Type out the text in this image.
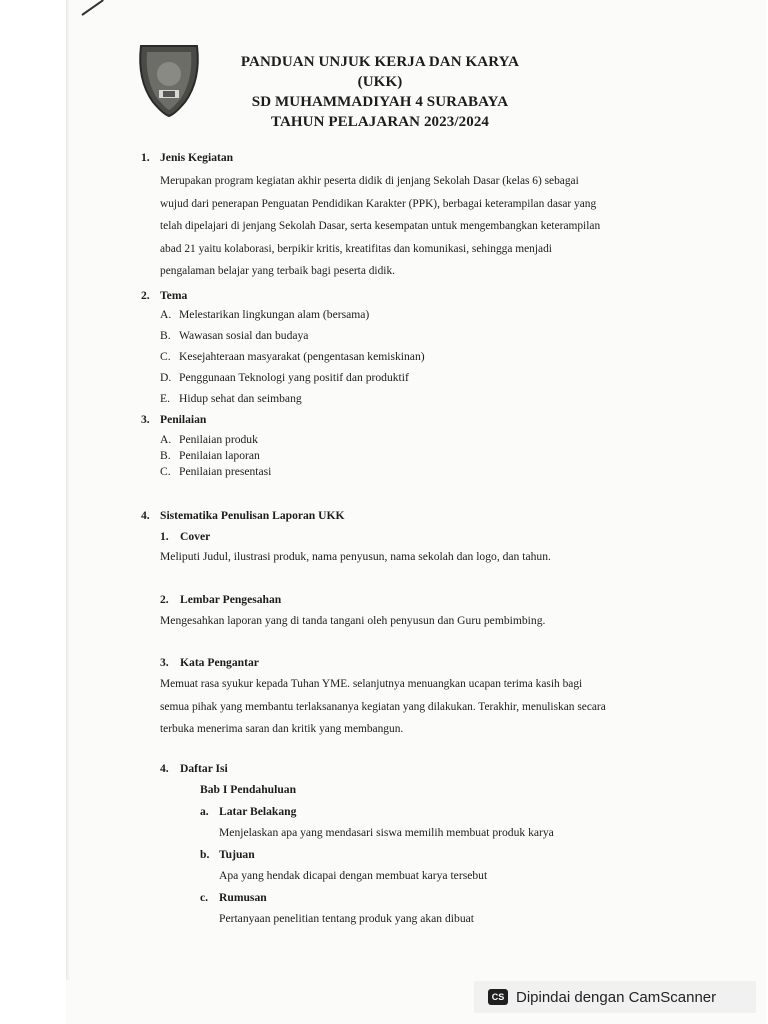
PANDUAN UNJUK KERJA DAN KARYA (UKK)
SD MUHAMMADIYAH 4 SURABAYA
TAHUN PELAJARAN 2023/2024
1. Jenis Kegiatan
Merupakan program kegiatan akhir peserta didik di jenjang Sekolah Dasar (kelas 6) sebagai
wujud dari penerapan Penguatan Pendidikan Karakter (PPK), berbagai keterampilan dasar yang
telah dipelajari di jenjang Sekolah Dasar, serta kesempatan untuk mengembangkan keterampilan
abad 21 yaitu kolaborasi, berpikir kritis, kreatifitas dan komunikasi, sehingga menjadi
pengalaman belajar yang terbaik bagi peserta didik.
2. Tema
A. Melestarikan lingkungan alam (bersama)
B. Wawasan sosial dan budaya
C. Kesejahteraan masyarakat (pengentasan kemiskinan)
D. Penggunaan Teknologi yang positif dan produktif
E. Hidup sehat dan seimbang
3. Penilaian
A. Penilaian produk
B. Penilaian laporan
C. Penilaian presentasi
4. Sistematika Penulisan Laporan UKK
1. Cover
Meliputi Judul, ilustrasi produk, nama penyusun, nama sekolah dan logo, dan tahun.
2. Lembar Pengesahan
Mengesahkan laporan yang di tanda tangani oleh penyusun dan Guru pembimbing.
3. Kata Pengantar
Memuat rasa syukur kepada Tuhan YME. selanjutnya menuangkan ucapan terima kasih bagi
semua pihak yang membantu terlaksananya kegiatan yang dilakukan. Terakhir, menuliskan secara
terbuka menerima saran dan kritik yang membangun.
4. Daftar Isi
Bab I Pendahuluan
a. Latar Belakang
Menjelaskan apa yang mendasari siswa memilih membuat produk karya
b. Tujuan
Apa yang hendak dicapai dengan membuat karya tersebut
c. Rumusan
Pertanyaan penelitian tentang produk yang akan dibuat
CS Dipindai dengan CamScanner
